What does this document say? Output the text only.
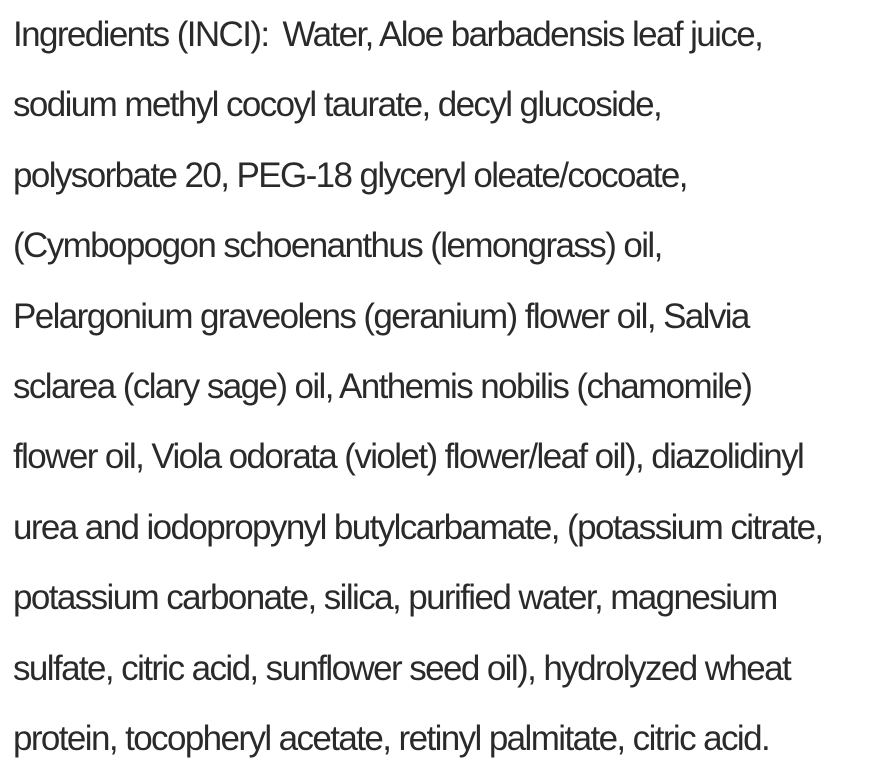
Ingredients (INCI): Water, Aloe barbadensis leaf juice,
sodium methyl cocoyl taurate, decyl glucoside,
polysorbate 20, PEG-18 glyceryl oleate/cocoate,
(Cymbopogon schoenanthus (lemongrass) oil,
Pelargonium graveolens (geranium) flower oil, Salvia
sclarea (clary sage) oil, Anthemis nobilis (chamomile)
flower oil, Viola odorata (violet) flower/leaf oil), diazolidinyl
urea and iodopropynyl butylcarbamate, (potassium citrate,
potassium carbonate, silica, purified water, magnesium
sulfate, citric acid, sunflower seed oil), hydrolyzed wheat
protein, tocopheryl acetate, retinyl palmitate, citric acid.
